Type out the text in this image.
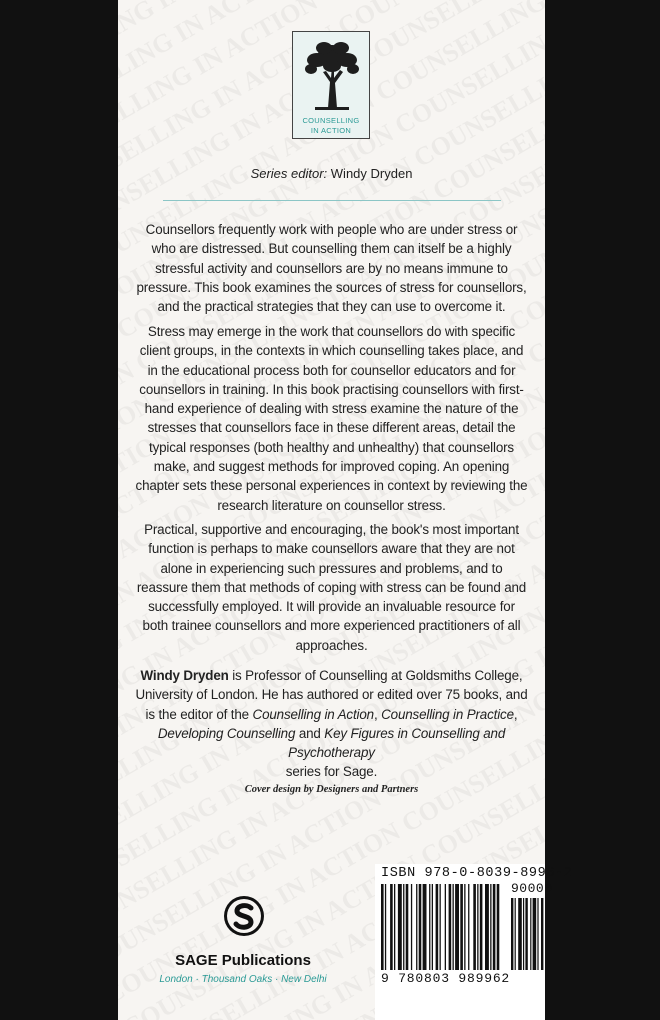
COUNSELLING
IN ACTION
Series editor: Windy Dryden
Counsellors frequently work with people who are under stress or who are distressed. But counselling them can itself be a highly stressful activity and counsellors are by no means immune to pressure. This book examines the sources of stress for counsellors, and the practical strategies that they can use to overcome it.
Stress may emerge in the work that counsellors do with specific client groups, in the contexts in which counselling takes place, and in the educational process both for counsellor educators and for counsellors in training. In this book practising counsellors with first-hand experience of dealing with stress examine the nature of the stresses that counsellors face in these different areas, detail the typical responses (both healthy and unhealthy) that counsellors make, and suggest methods for improved coping. An opening chapter sets these personal experiences in context by reviewing the research literature on counsellor stress.
Practical, supportive and encouraging, the book's most important function is perhaps to make counsellors aware that they are not alone in experiencing such pressures and problems, and to reassure them that methods of coping with stress can be found and successfully employed. It will provide an invaluable resource for both trainee counsellors and more experienced practitioners of all approaches.
Windy Dryden is Professor of Counselling at Goldsmiths College, University of London. He has authored or edited over 75 books, and is the editor of the Counselling in Action, Counselling in Practice, Developing Counselling and Key Figures in Counselling and Psychotherapy
series for Sage.
Cover design by Designers and Partners
SAGE Publications
London · Thousand Oaks · New Delhi
ISBN 978-0-8039-8996-2
90000
9 780803 989962
